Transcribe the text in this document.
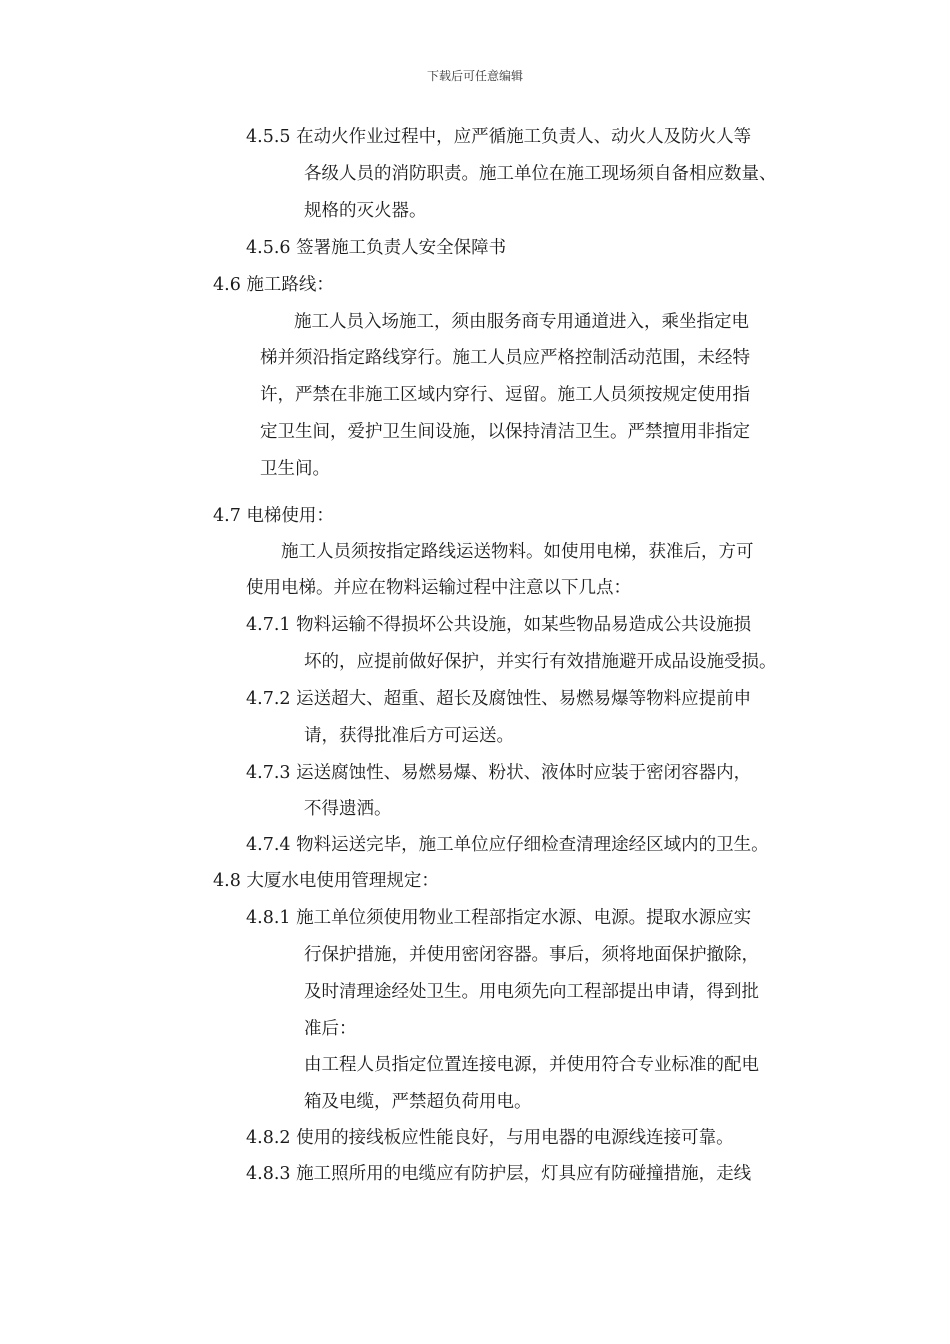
下载后可任意编辑
4.5.5 在动火作业过程中，应严循施工负责人、动火人及防火人等
各级人员的消防职责。施工单位在施工现场须自备相应数量、
规格的灭火器。
4.5.6 签署施工负责人安全保障书
4.6 施工路线：
施工人员入场施工，须由服务商专用通道进入，乘坐指定电
梯并须沿指定路线穿行。施工人员应严格控制活动范围，未经特
许，严禁在非施工区域内穿行、逗留。施工人员须按规定使用指
定卫生间，爱护卫生间设施，以保持清洁卫生。严禁擅用非指定
卫生间。
4.7 电梯使用：
施工人员须按指定路线运送物料。如使用电梯，获准后，方可
使用电梯。并应在物料运输过程中注意以下几点：
4.7.1 物料运输不得损坏公共设施，如某些物品易造成公共设施损
坏的，应提前做好保护，并实行有效措施避开成品设施受损。
4.7.2 运送超大、超重、超长及腐蚀性、易燃易爆等物料应提前申
请，获得批准后方可运送。
4.7.3 运送腐蚀性、易燃易爆、粉状、液体时应装于密闭容器内，
不得遗洒。
4.7.4 物料运送完毕，施工单位应仔细检查清理途经区域内的卫生。
4.8 大厦水电使用管理规定：
4.8.1 施工单位须使用物业工程部指定水源、电源。提取水源应实
行保护措施，并使用密闭容器。事后，须将地面保护撤除，
及时清理途经处卫生。用电须先向工程部提出申请，得到批
准后：
由工程人员指定位置连接电源，并使用符合专业标准的配电
箱及电缆，严禁超负荷用电。
4.8.2 使用的接线板应性能良好，与用电器的电源线连接可靠。
4.8.3 施工照所用的电缆应有防护层，灯具应有防碰撞措施，走线
